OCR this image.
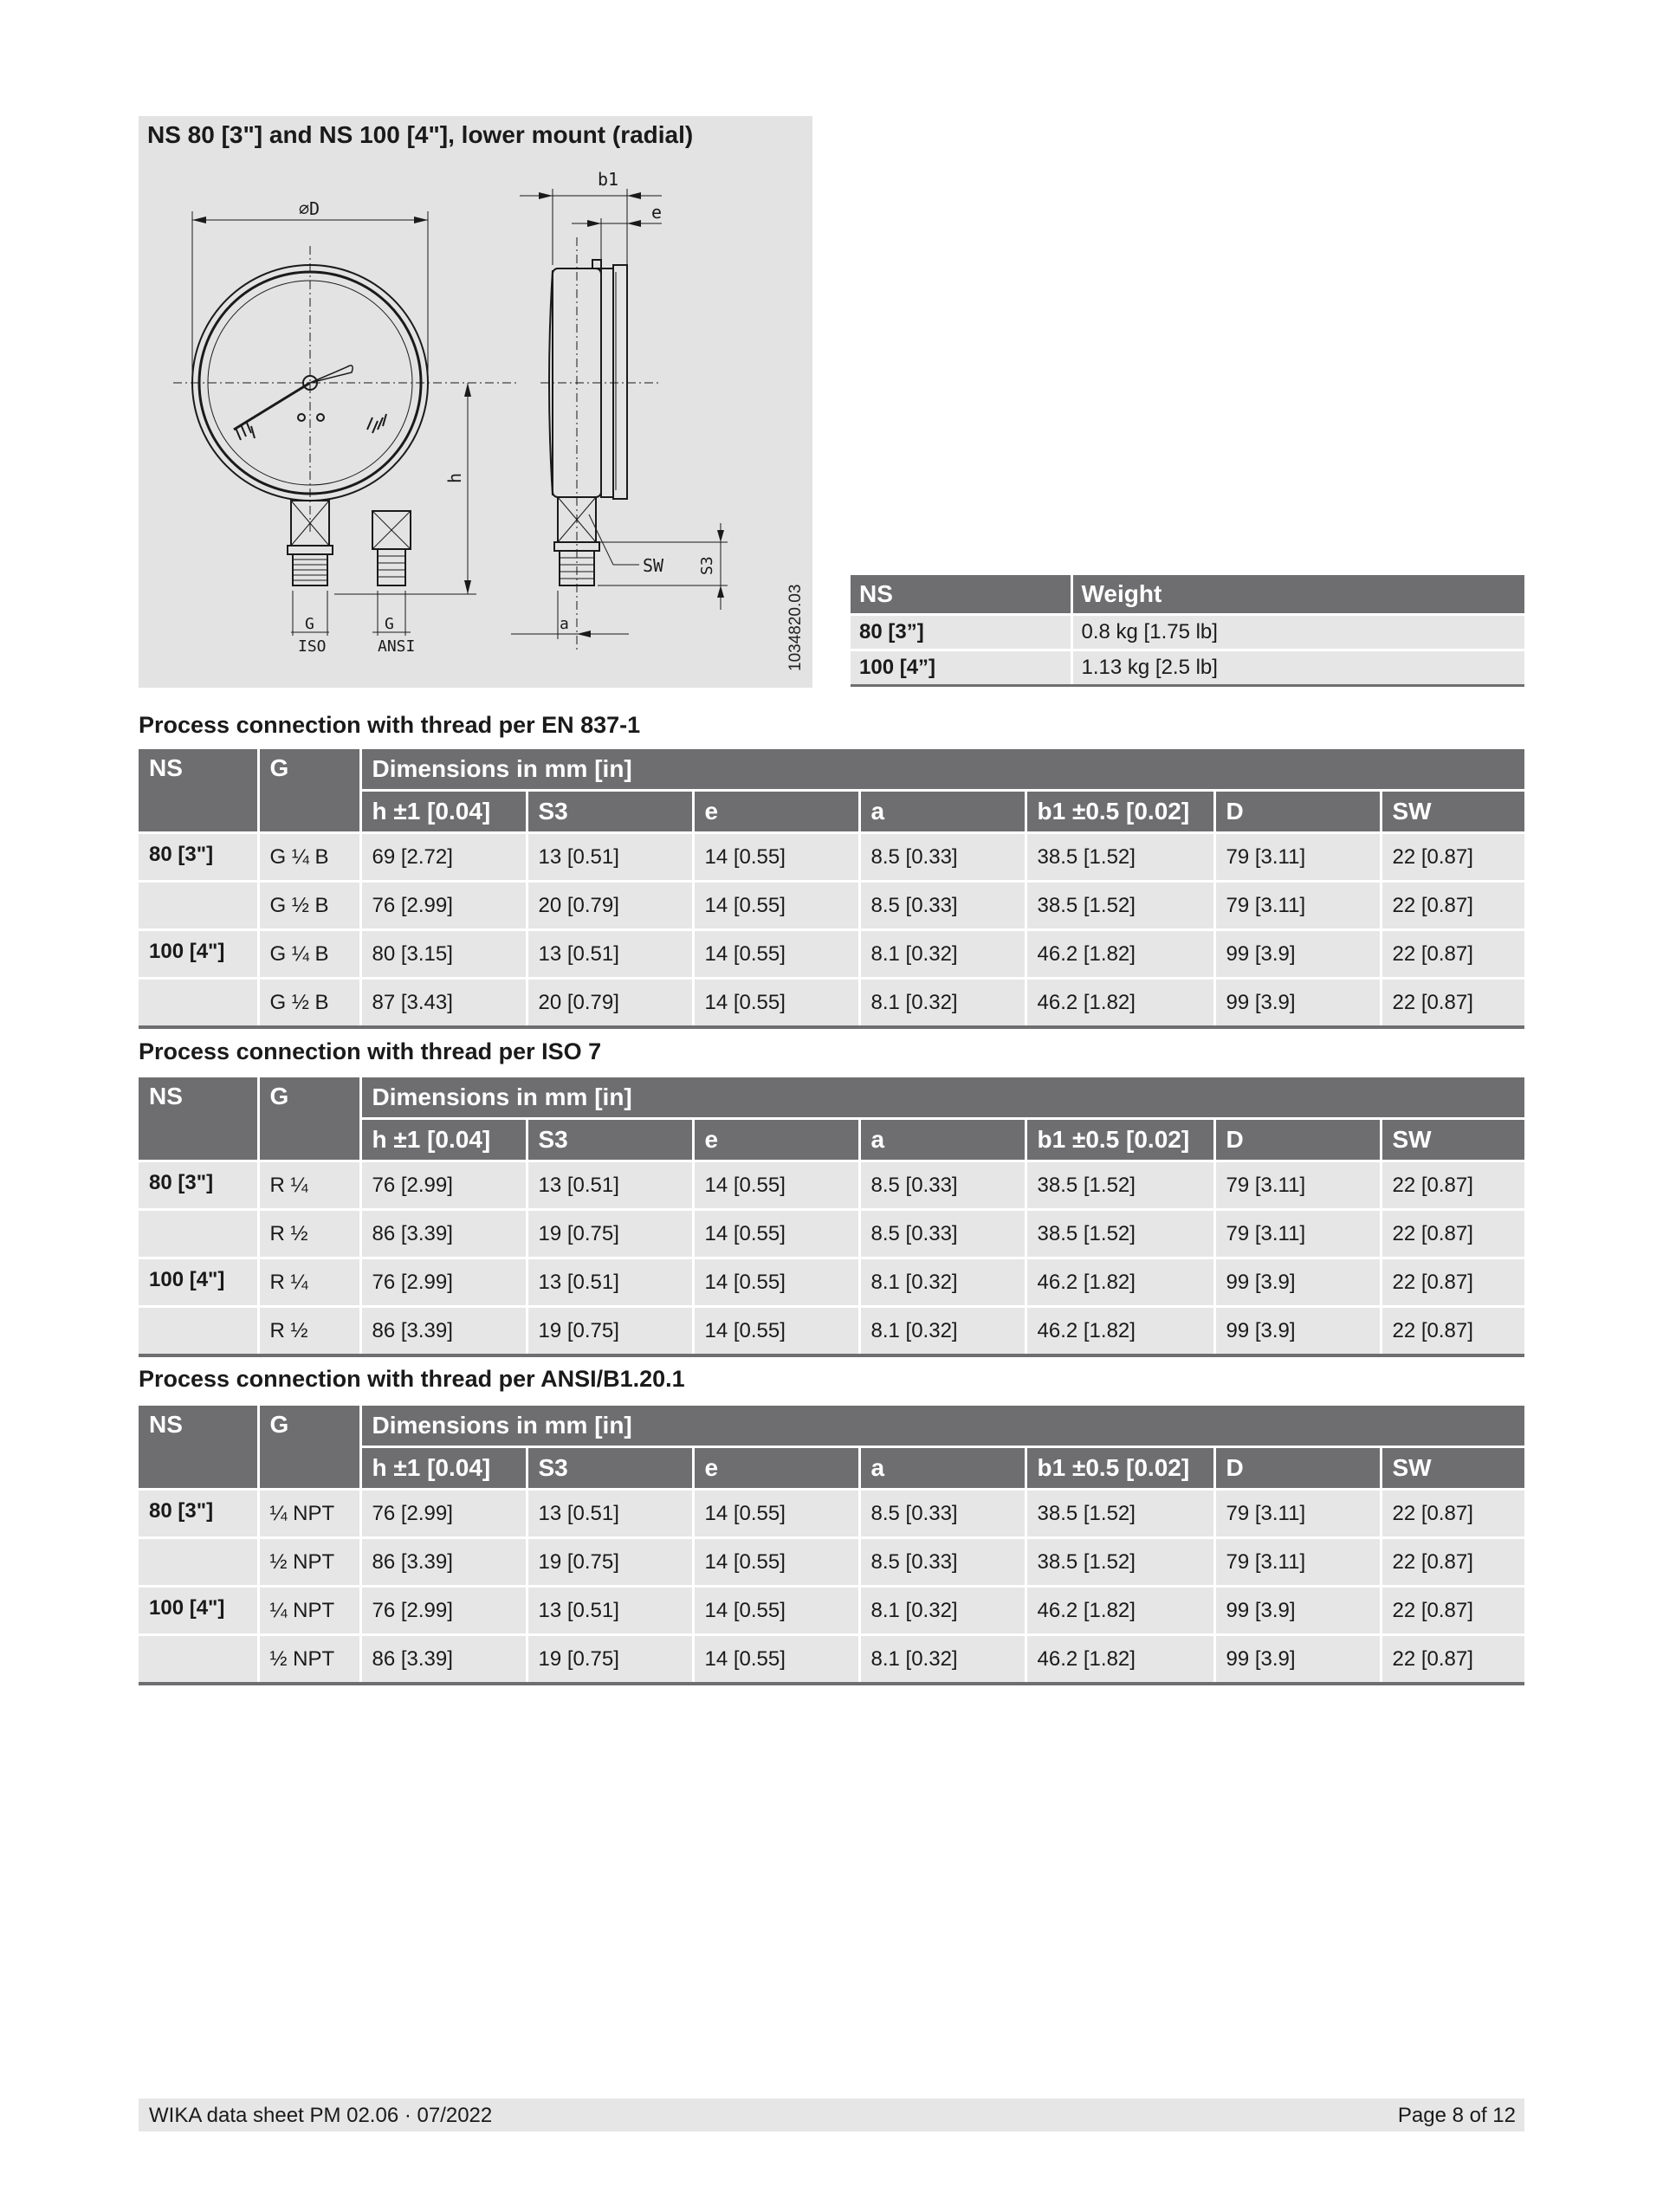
NS 80 [3"] and NS 100 [4"], lower mount (radial)
⌀D
G	G
ISO	ANSI
h
SW S3
a
b1
e
1034820.03 NS	Weight
80 [3”]	0.8 kg [1.75 lb]
100 [4”]	1.13 kg [2.5 lb]
Process connection with thread per EN 837-1
NS	G	Dimensions in mm [in]						
		h ±1 [0.04]	S3	e	a	b1 ±0.5 [0.02]	D	SW
80 [3"]	G ¼ B	69 [2.72]	13 [0.51]	14 [0.55]	8.5 [0.33]	38.5 [1.52]	79 [3.11]	22 [0.87]
	G ½ B	76 [2.99]	20 [0.79]	14 [0.55]	8.5 [0.33]	38.5 [1.52]	79 [3.11]	22 [0.87]
100 [4"]	G ¼ B	80 [3.15]	13 [0.51]	14 [0.55]	8.1 [0.32]	46.2 [1.82]	99 [3.9]	22 [0.87]
	G ½ B	87 [3.43]	20 [0.79]	14 [0.55]	8.1 [0.32]	46.2 [1.82]	99 [3.9]	22 [0.87]
Process connection with thread per ISO 7
NS	G	Dimensions in mm [in]						
		h ±1 [0.04]	S3	e	a	b1 ±0.5 [0.02]	D	SW
80 [3"]	R ¼	76 [2.99]	13 [0.51]	14 [0.55]	8.5 [0.33]	38.5 [1.52]	79 [3.11]	22 [0.87]
	R ½	86 [3.39]	19 [0.75]	14 [0.55]	8.5 [0.33]	38.5 [1.52]	79 [3.11]	22 [0.87]
100 [4"]	R ¼	76 [2.99]	13 [0.51]	14 [0.55]	8.1 [0.32]	46.2 [1.82]	99 [3.9]	22 [0.87]
	R ½	86 [3.39]	19 [0.75]	14 [0.55]	8.1 [0.32]	46.2 [1.82]	99 [3.9]	22 [0.87]
Process connection with thread per ANSI/B1.20.1
NS	G	Dimensions in mm [in]						
		h ±1 [0.04]	S3	e	a	b1 ±0.5 [0.02]	D	SW
80 [3"]	¼ NPT	76 [2.99]	13 [0.51]	14 [0.55]	8.5 [0.33]	38.5 [1.52]	79 [3.11]	22 [0.87]
	½ NPT	86 [3.39]	19 [0.75]	14 [0.55]	8.5 [0.33]	38.5 [1.52]	79 [3.11]	22 [0.87]
100 [4"]	¼ NPT	76 [2.99]	13 [0.51]	14 [0.55]	8.1 [0.32]	46.2 [1.82]	99 [3.9]	22 [0.87]
	½ NPT	86 [3.39]	19 [0.75]	14 [0.55]	8.1 [0.32]	46.2 [1.82]	99 [3.9]	22 [0.87]
WIKA data sheet PM 02.06 · 07/2022	Page 8 of 12
